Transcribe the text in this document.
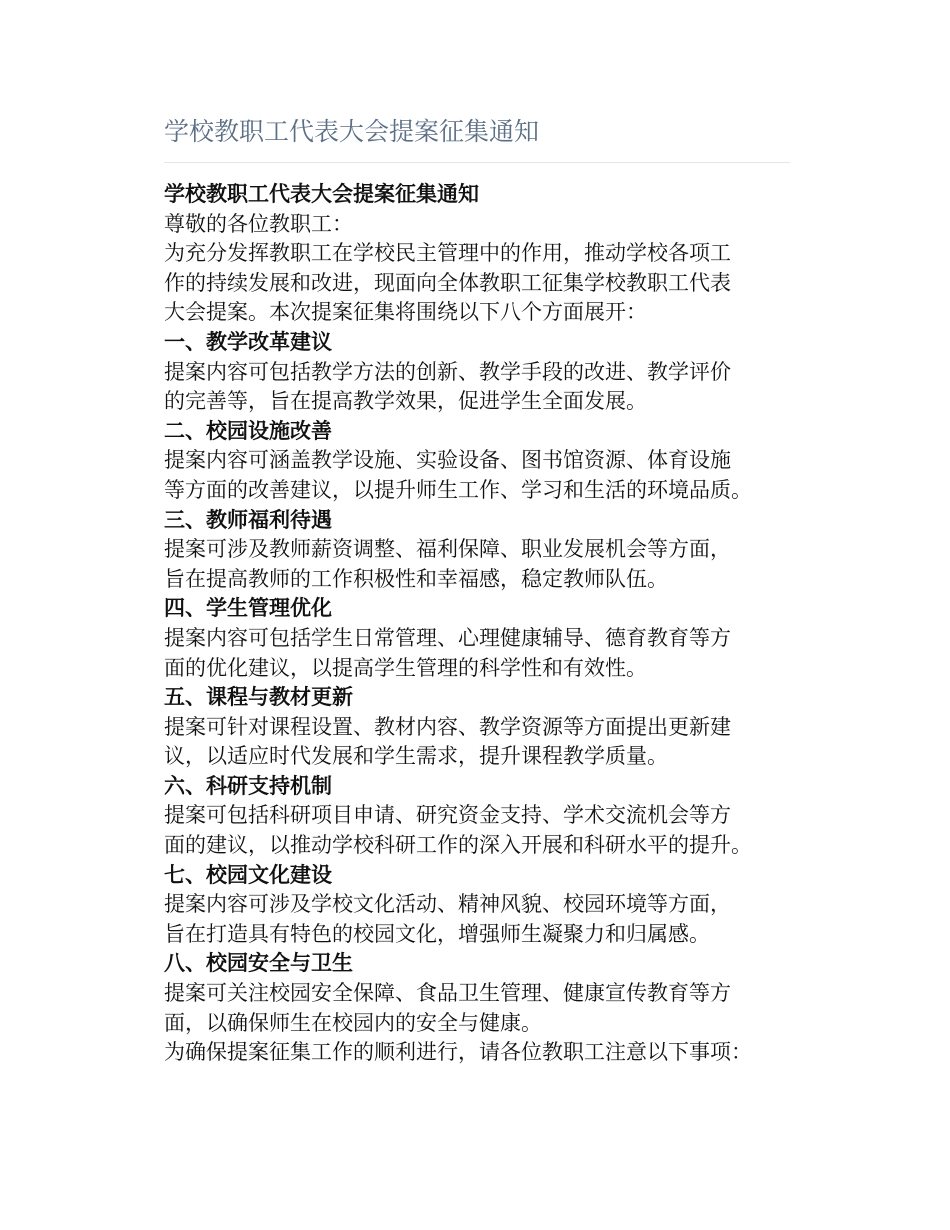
学校教职工代表大会提案征集通知
学校教职工代表大会提案征集通知
尊敬的各位教职工：
为充分发挥教职工在学校民主管理中的作用，推动学校各项工
作的持续发展和改进，现面向全体教职工征集学校教职工代表
大会提案。本次提案征集将围绕以下八个方面展开：
一、教学改革建议
提案内容可包括教学方法的创新、教学手段的改进、教学评价
的完善等，旨在提高教学效果，促进学生全面发展。
二、校园设施改善
提案内容可涵盖教学设施、实验设备、图书馆资源、体育设施
等方面的改善建议，以提升师生工作、学习和生活的环境品质。
三、教师福利待遇
提案可涉及教师薪资调整、福利保障、职业发展机会等方面，
旨在提高教师的工作积极性和幸福感，稳定教师队伍。
四、学生管理优化
提案内容可包括学生日常管理、心理健康辅导、德育教育等方
面的优化建议，以提高学生管理的科学性和有效性。
五、课程与教材更新
提案可针对课程设置、教材内容、教学资源等方面提出更新建
议，以适应时代发展和学生需求，提升课程教学质量。
六、科研支持机制
提案可包括科研项目申请、研究资金支持、学术交流机会等方
面的建议，以推动学校科研工作的深入开展和科研水平的提升。
七、校园文化建设
提案内容可涉及学校文化活动、精神风貌、校园环境等方面，
旨在打造具有特色的校园文化，增强师生凝聚力和归属感。
八、校园安全与卫生
提案可关注校园安全保障、食品卫生管理、健康宣传教育等方
面，以确保师生在校园内的安全与健康。
为确保提案征集工作的顺利进行，请各位教职工注意以下事项：
